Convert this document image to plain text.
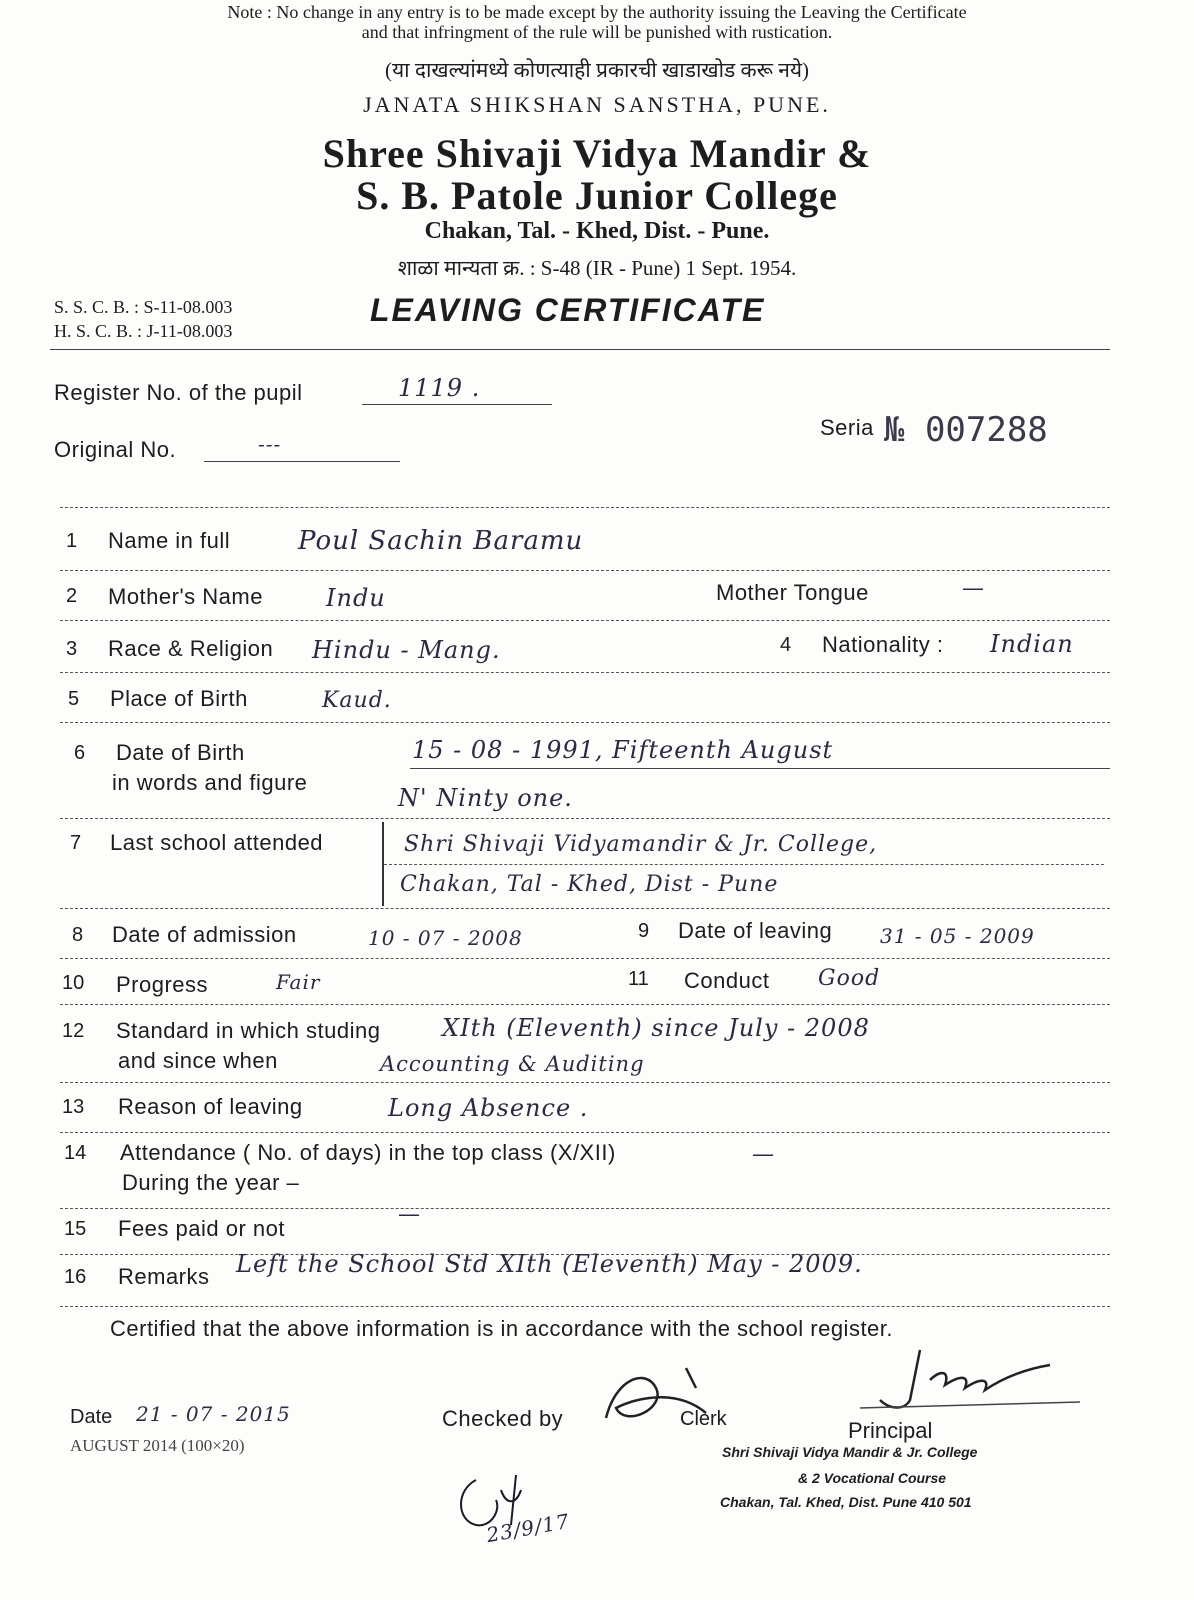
Note : No change in any entry is to be made except by the authority issuing the Leaving the Certificate
and that infringment of the rule will be punished with rustication.
(या दाखल्यांमध्ये कोणत्याही प्रकारची खाडाखोड करू नये)
JANATA SHIKSHAN SANSTHA, PUNE.
Shree Shivaji Vidya Mandir &
S. B. Patole Junior College
Chakan, Tal. - Khed, Dist. - Pune.
शाळा मान्यता क्र. : S-48 (IR - Pune) 1 Sept. 1954.
S. S. C. B. : S-11-08.003
H. S. C. B. : J-11-08.003
LEAVING CERTIFICATE
Register No. of the pupil	1119 .
Seria № 007288
Original No.	---
1 Name in full	Poul Sachin Baramu
2 Mother's Name	Indu	Mother Tongue	—
3 Race & Religion Hindu - Mang.	4 Nationality : Indian
5 Place of Birth	Kaud.
6 Date of Birth
in words and figure
15 - 08 - 1991, Fifteenth August
N' Ninty one.
7 Last school attended	Shri Shivaji Vidyamandir & Jr. College,
Chakan, Tal - Khed, Dist - Pune
8 Date of admission	10 - 07 - 2008	9 Date of leaving 31 - 05 - 2009
10 Progress	Fair	11 Conduct Good
12 Standard in which studing
and since when
XIth (Eleventh) since July - 2008
Accounting & Auditing
13 Reason of leaving	Long Absence .
14 Attendance ( No. of days) in the top class (X/XII)
During the year –
—
15 Fees paid or not
—
16 Remarks Left the School Std XIth (Eleventh) May - 2009.
Certified that the above information is in accordance with the school register.
Date 21 - 07 - 2015
AUGUST 2014 (100×20)
Checked by	Clerk	Principal
Shri Shivaji Vidya Mandir & Jr. College
& 2 Vocational Course
Chakan, Tal. Khed, Dist. Pune 410 501
23/9/17
